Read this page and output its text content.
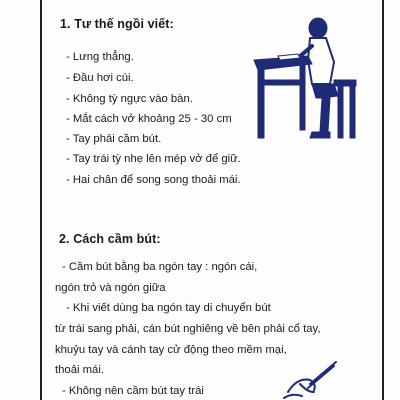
1. Tư thế ngồi viết:
- Lưng thẳng.
- Đầu hơi cúi.
- Không tỳ ngực vào bàn.
- Mắt cách vở khoảng 25 - 30 cm
- Tay phải cầm bút.
- Tay trái tỳ nhẹ lên mép vở để giữ.
- Hai chân để song song thoải mái.
2. Cách cầm bút:
- Cầm bút bằng ba ngón tay : ngón cái,
ngón trỏ và ngón giữa
- Khi viết dùng ba ngón tay di chuyển bút
từ trái sang phải, cán bút nghiêng về bên phải cổ tay,
khuỷu tay và cánh tay cử động theo mềm mại,
thoải mái.
- Không nên cầm bút tay trái
